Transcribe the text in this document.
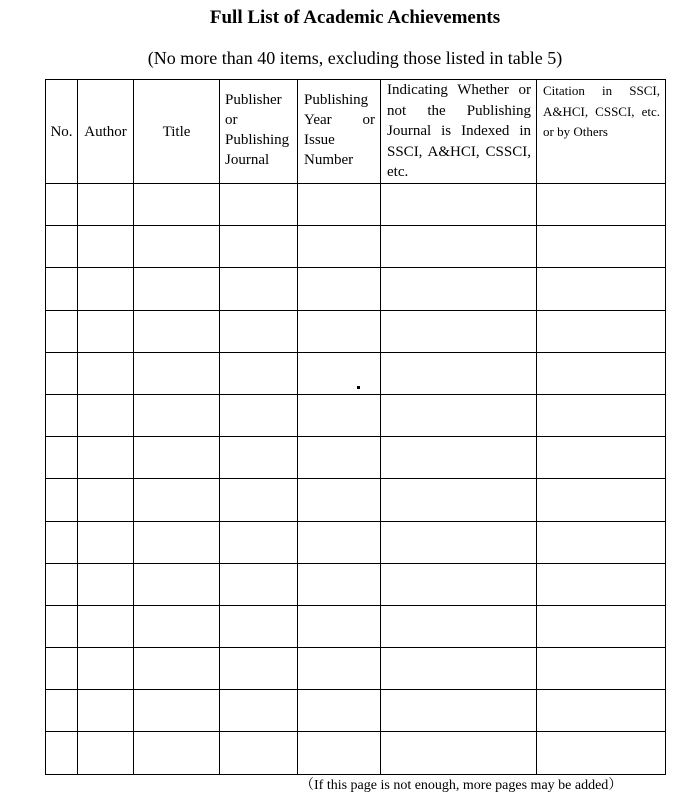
Full List of Academic Achievements
(No more than 40 items, excluding those listed in table 5)
No.	Author	Title	Publisher or Publishing Journal	Publishing Year or Issue Number	Indicating Whether or not the Publishing Journal is Indexed in SSCI, A&HCI, CSSCI, etc.	Citation in SSCI, A&HCI, CSSCI, etc. or by Others

（If this page is not enough, more pages may be added）
